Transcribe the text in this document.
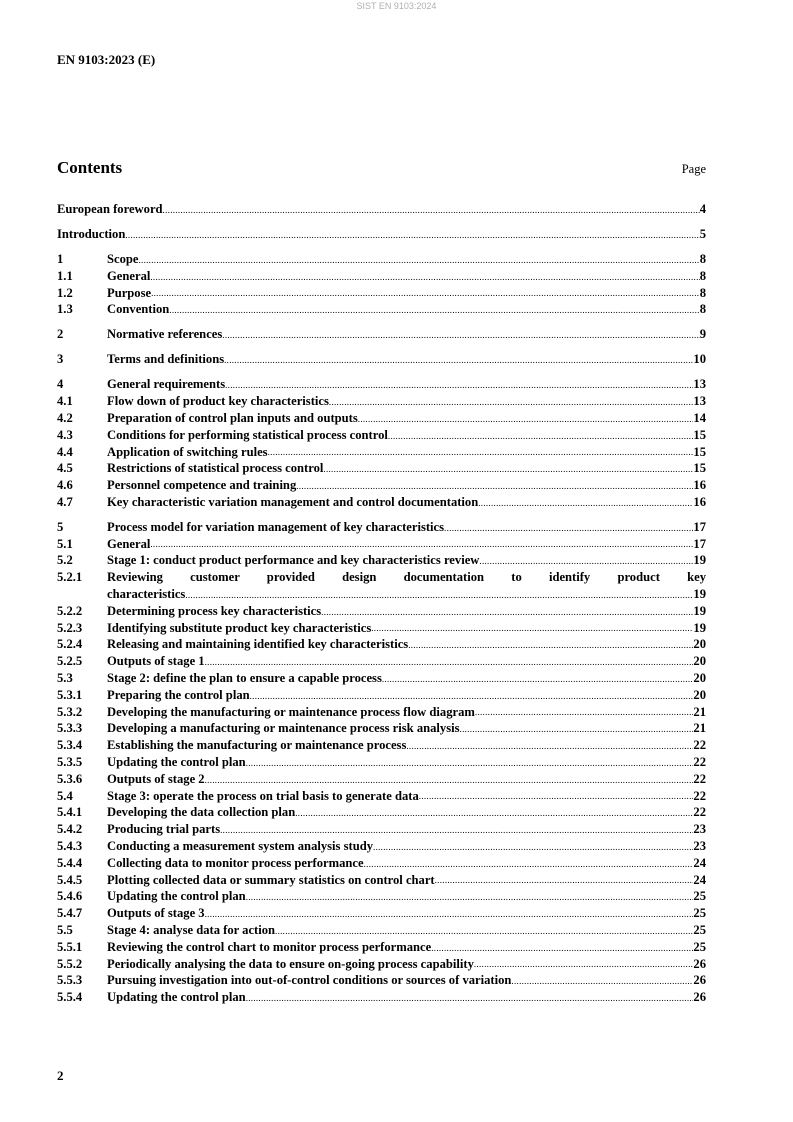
SIST EN 9103:2024
EN 9103:2023 (E)
Contents	Page
European foreword .....	4
Introduction .....	5
1	Scope .....	8
1.1	General .....	8
1.2	Purpose .....	8
1.3	Convention .....	8
2	Normative references .....	9
3	Terms and definitions .....	10
4	General requirements .....	13
4.1	Flow down of product key characteristics .....	13
4.2	Preparation of control plan inputs and outputs .....	14
4.3	Conditions for performing statistical process control .....	15
4.4	Application of switching rules .....	15
4.5	Restrictions of statistical process control .....	15
4.6	Personnel competence and training .....	16
4.7	Key characteristic variation management and control documentation .....	16
5	Process model for variation management of key characteristics .....	17
5.1	General .....	17
5.2	Stage 1: conduct product performance and key characteristics review .....	19
5.2.1	Reviewing customer provided design documentation to identify product key
characteristics .....	19
5.2.2	Determining process key characteristics .....	19
5.2.3	Identifying substitute product key characteristics .....	19
5.2.4	Releasing and maintaining identified key characteristics .....	20
5.2.5	Outputs of stage 1 .....	20
5.3	Stage 2: define the plan to ensure a capable process .....	20
5.3.1	Preparing the control plan .....	20
5.3.2	Developing the manufacturing or maintenance process flow diagram .....	21
5.3.3	Developing a manufacturing or maintenance process risk analysis .....	21
5.3.4	Establishing the manufacturing or maintenance process .....	22
5.3.5	Updating the control plan .....	22
5.3.6	Outputs of stage 2 .....	22
5.4	Stage 3: operate the process on trial basis to generate data .....	22
5.4.1	Developing the data collection plan .....	22
5.4.2	Producing trial parts .....	23
5.4.3	Conducting a measurement system analysis study .....	23
5.4.4	Collecting data to monitor process performance .....	24
5.4.5	Plotting collected data or summary statistics on control chart .....	24
5.4.6	Updating the control plan .....	25
5.4.7	Outputs of stage 3 .....	25
5.5	Stage 4: analyse data for action .....	25
5.5.1	Reviewing the control chart to monitor process performance .....	25
5.5.2	Periodically analysing the data to ensure on-going process capability .....	26
5.5.3	Pursuing investigation into out-of-control conditions or sources of variation .....	26
5.5.4	Updating the control plan .....	26
2
